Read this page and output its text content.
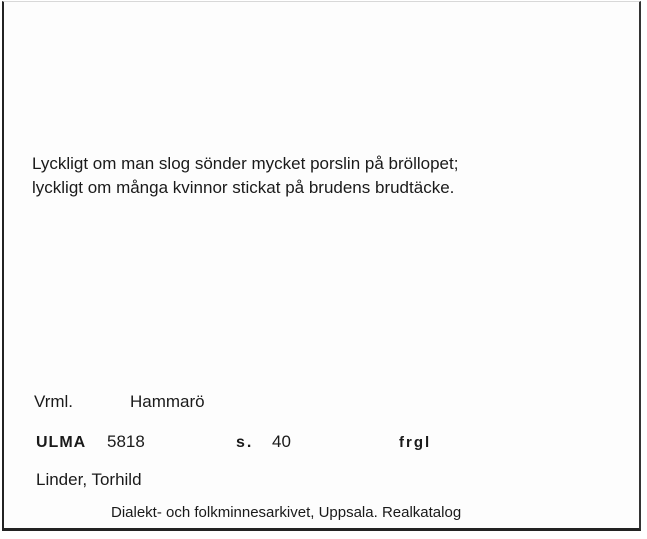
Lyckligt om man slog sönder mycket porslin på bröllopet;
lyckligt om många kvinnor stickat på brudens brudtäcke.

Vrml.	Hammarö
ULMA 5818	s. 40	frgl
Linder, Torhild
Dialekt- och folkminnesarkivet, Uppsala. Realkatalog
